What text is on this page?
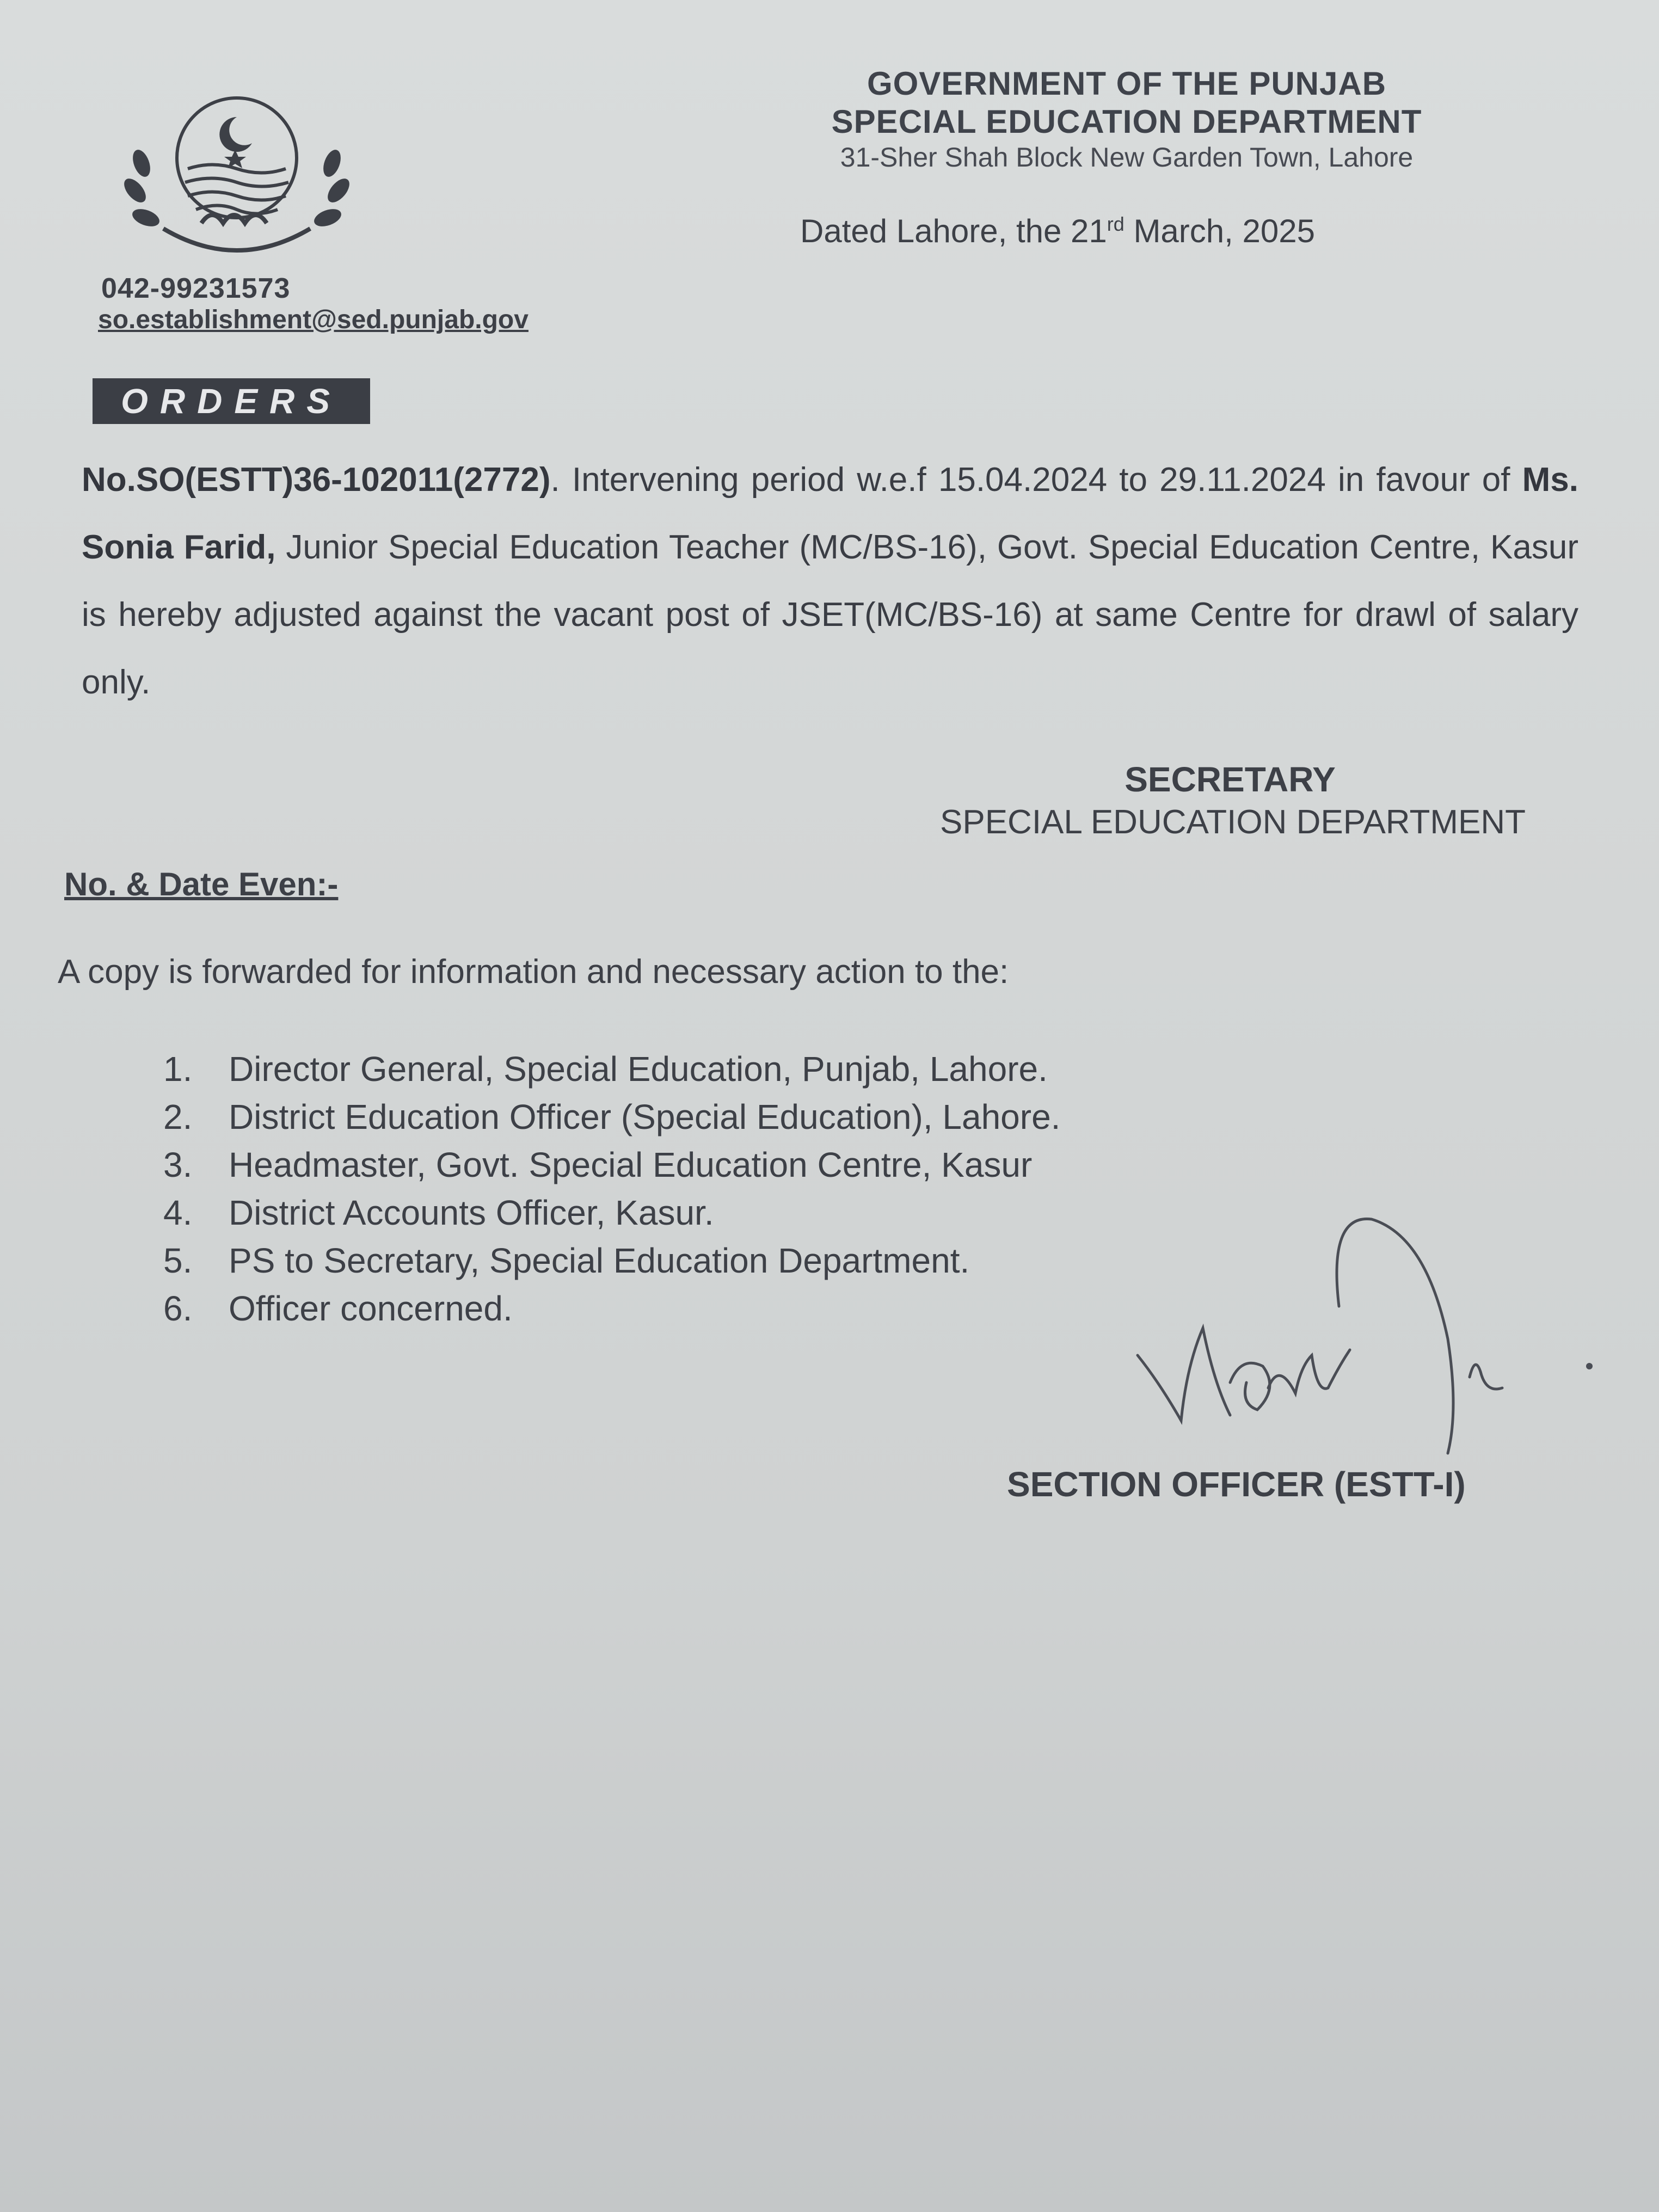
GOVERNMENT OF THE PUNJAB
SPECIAL EDUCATION DEPARTMENT
31-Sher Shah Block New Garden Town, Lahore
Dated Lahore, the 21rd March, 2025
042-99231573
so.establishment@sed.punjab.gov
ORDERS
No.SO(ESTT)36-102011(2772). Intervening period w.e.f 15.04.2024 to 29.11.2024 in favour of Ms. Sonia Farid, Junior Special Education Teacher (MC/BS-16), Govt. Special Education Centre, Kasur is hereby adjusted against the vacant post of JSET(MC/BS-16) at same Centre for drawl of salary only.
SECRETARY
SPECIAL EDUCATION DEPARTMENT
No. & Date Even:-
A copy is forwarded for information and necessary action to the:
1. Director General, Special Education, Punjab, Lahore.
2. District Education Officer (Special Education), Lahore.
3. Headmaster, Govt. Special Education Centre, Kasur
4. District Accounts Officer, Kasur.
5. PS to Secretary, Special Education Department.
6. Officer concerned.
SECTION OFFICER (ESTT-I)
